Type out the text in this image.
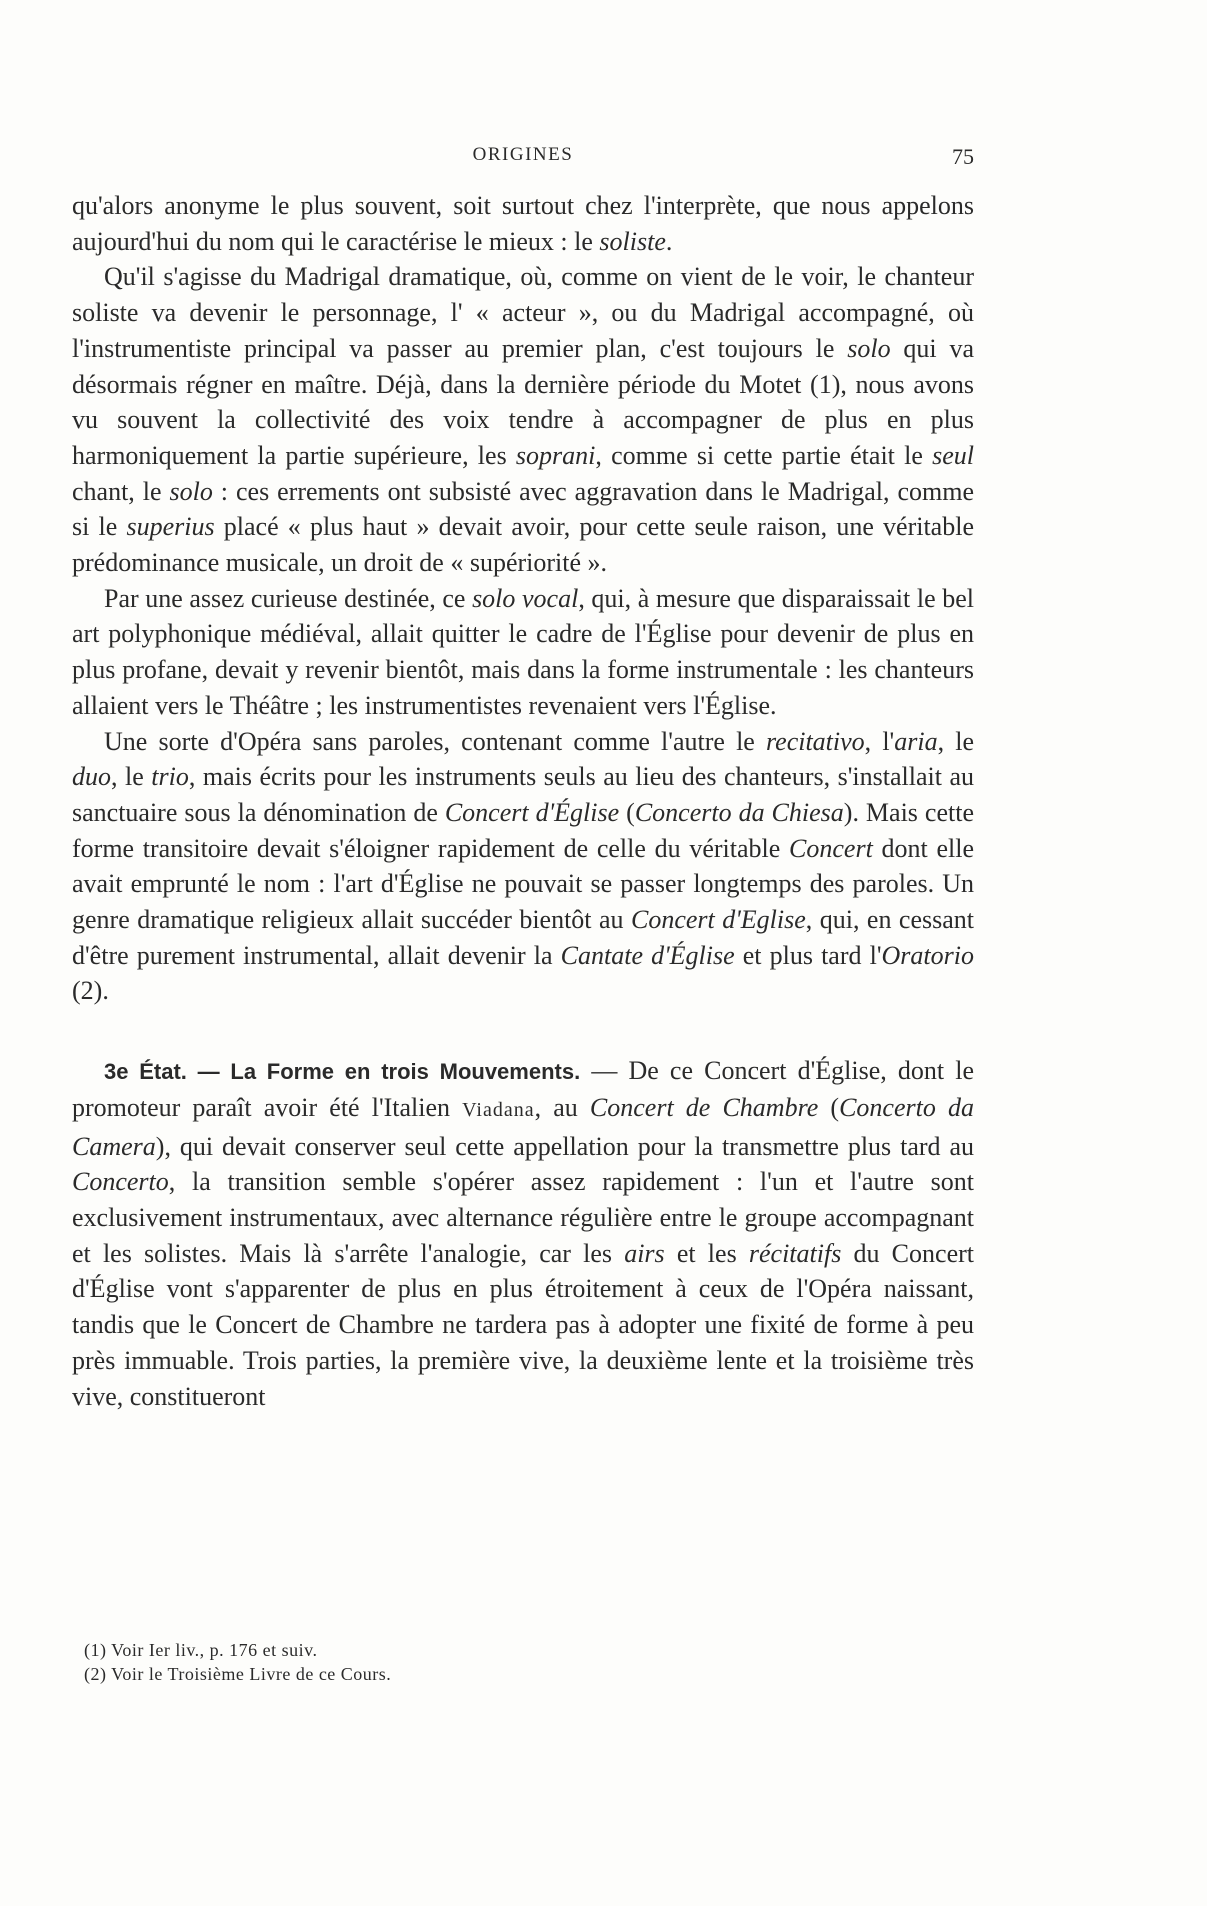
ORIGINES	75

qu'alors anonyme le plus souvent, soit surtout chez l'interprète, que nous appelons aujourd'hui du nom qui le caractérise le mieux : le soliste.

Qu'il s'agisse du Madrigal dramatique, où, comme on vient de le voir, le chanteur soliste va devenir le personnage, l' « acteur », ou du Madrigal accompagné, où l'instrumentiste principal va passer au premier plan, c'est toujours le solo qui va désormais régner en maître. Déjà, dans la dernière période du Motet (1), nous avons vu souvent la collectivité des voix tendre à accompagner de plus en plus harmoniquement la partie supérieure, les soprani, comme si cette partie était le seul chant, le solo : ces errements ont subsisté avec aggravation dans le Madrigal, comme si le superius placé « plus haut » devait avoir, pour cette seule raison, une véritable prédominance musicale, un droit de « supériorité ».

Par une assez curieuse destinée, ce solo vocal, qui, à mesure que disparaissait le bel art polyphonique médiéval, allait quitter le cadre de l'Église pour devenir de plus en plus profane, devait y revenir bientôt, mais dans la forme instrumentale : les chanteurs allaient vers le Théâtre ; les instrumentistes revenaient vers l'Église.

Une sorte d'Opéra sans paroles, contenant comme l'autre le recitativo, l'aria, le duo, le trio, mais écrits pour les instruments seuls au lieu des chanteurs, s'installait au sanctuaire sous la dénomination de Concert d'Église (Concerto da Chiesa). Mais cette forme transitoire devait s'éloigner rapidement de celle du véritable Concert dont elle avait emprunté le nom : l'art d'Église ne pouvait se passer longtemps des paroles. Un genre dramatique religieux allait succéder bientôt au Concert d'Eglise, qui, en cessant d'être purement instrumental, allait devenir la Cantate d'Église et plus tard l'Oratorio (2).

3e État. — La Forme en trois Mouvements. — De ce Concert d'Église, dont le promoteur paraît avoir été l'Italien Viadana, au Concert de Chambre (Concerto da Camera), qui devait conserver seul cette appellation pour la transmettre plus tard au Concerto, la transition semble s'opérer assez rapidement : l'un et l'autre sont exclusivement instrumentaux, avec alternance régulière entre le groupe accompagnant et les solistes. Mais là s'arrête l'analogie, car les airs et les récitatifs du Concert d'Église vont s'apparenter de plus en plus étroitement à ceux de l'Opéra naissant, tandis que le Concert de Chambre ne tardera pas à adopter une fixité de forme à peu près immuable. Trois parties, la première vive, la deuxième lente et la troisième très vive, constitueront

(1) Voir Ier liv., p. 176 et suiv.
(2) Voir le Troisième Livre de ce Cours.
